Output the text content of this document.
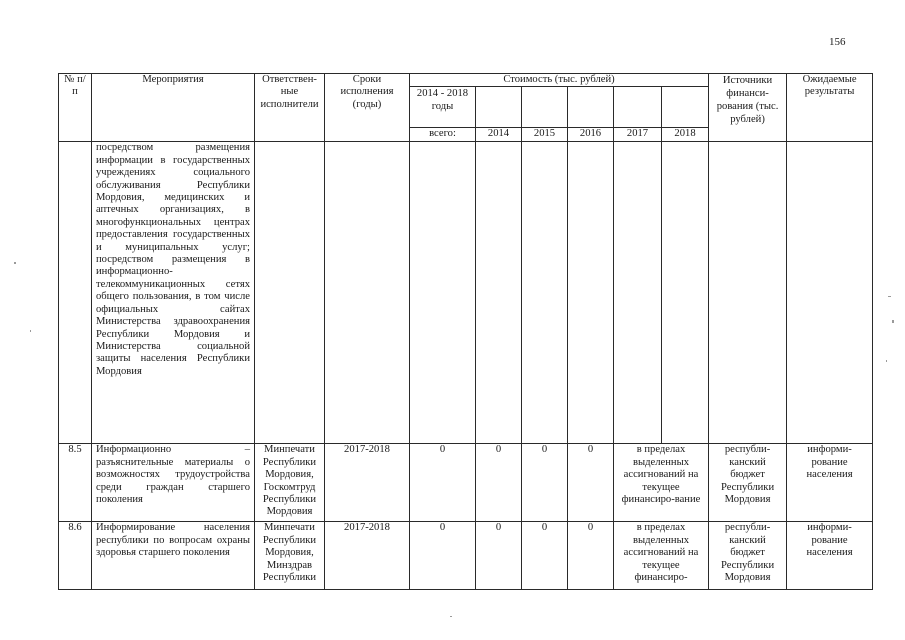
156
№ п/п	Мероприятия	Ответствен-ные исполнители	Сроки исполнения (годы)	Стоимость (тыс. рублей)						Источники финанси-рования (тыс. рублей)	Ожидаемые результаты
				2014 - 2018 годы							
				всего:	2014	2015	2016	2017	2018		
	посредством размещения информации в государственных учреждениях социального обслуживания Республики Мордовия, медицинских и аптечных организациях, в многофункциональных центрах предоставления государственных и муниципальных услуг; посредством размещения в информационно-телекоммуникационных сетях общего пользования, в том числе официальных сайтах Министерства здравоохранения Республики Мордовия и Министерства социальной защиты населения Республики Мордовия										
8.5	Информационно – разъяснительные материалы о возможностях трудоустройства среди граждан старшего поколения	Минпечати Республики Мордовия, Госкомтруд Республики Мордовия	2017-2018	0	0	0	0	в пределах выделенных ассигнований на текущее финансиро-вание		республи-канский бюджет Республики Мордовия	информи-рование населения
8.6	Информирование населения республики по вопросам охраны здоровья старшего поколения	Минпечати Республики Мордовия, Минздрав Республики	2017-2018	0	0	0	0	в пределах выделенных ассигнований на текущее финансиро-		республи-канский бюджет Республики Мордовия	информи-рование населения
